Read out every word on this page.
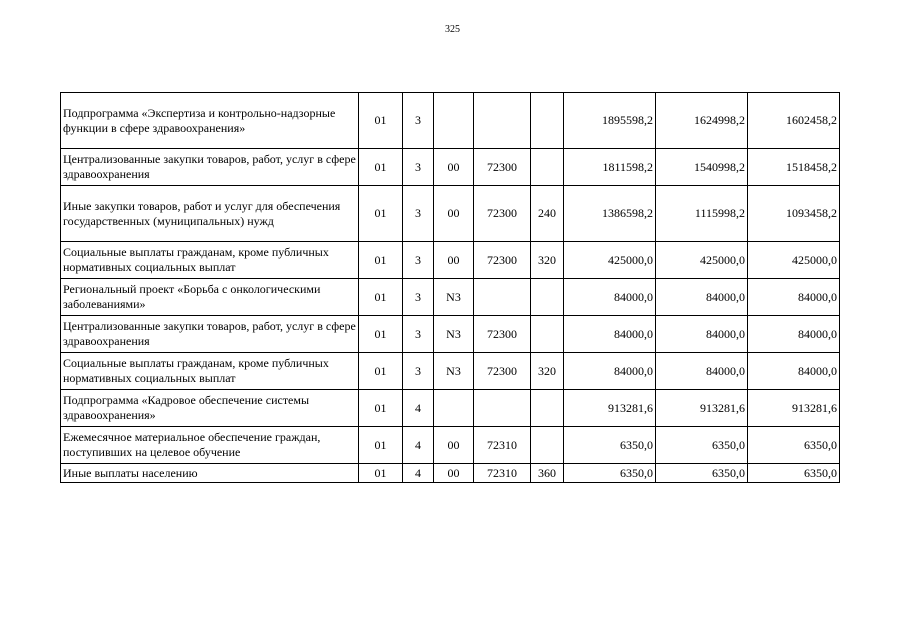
325
Подпрограмма «Экспертиза и контрольно-надзорные функции в сфере здравоохранения»	01	3				1895598,2	1624998,2	1602458,2
Централизованные закупки товаров, работ, услуг в сфере здравоохранения	01	3	00	72300		1811598,2	1540998,2	1518458,2
Иные закупки товаров, работ и услуг для обеспечения государственных (муниципальных) нужд	01	3	00	72300	240	1386598,2	1115998,2	1093458,2
Социальные выплаты гражданам, кроме публичных нормативных социальных выплат	01	3	00	72300	320	425000,0	425000,0	425000,0
Региональный проект «Борьба с онкологическими заболеваниями»	01	3	N3			84000,0	84000,0	84000,0
Централизованные закупки товаров, работ, услуг в сфере здравоохранения	01	3	N3	72300		84000,0	84000,0	84000,0
Социальные выплаты гражданам, кроме публичных нормативных социальных выплат	01	3	N3	72300	320	84000,0	84000,0	84000,0
Подпрограмма «Кадровое обеспечение системы здравоохранения»	01	4				913281,6	913281,6	913281,6
Ежемесячное материальное обеспечение граждан, поступивших на целевое обучение	01	4	00	72310		6350,0	6350,0	6350,0
Иные выплаты населению	01	4	00	72310	360	6350,0	6350,0	6350,0
